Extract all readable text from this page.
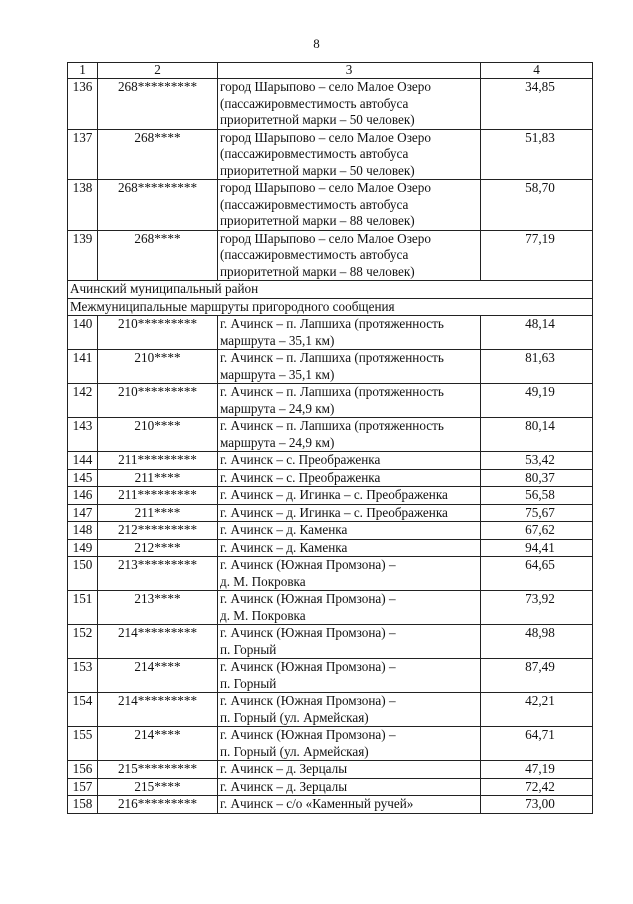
8
1	2	3	4
136	268*********	город Шарыпово – село Малое Озеро
(пассажировместимость автобуса
приоритетной марки – 50 человек)	34,85
137	268****	город Шарыпово – село Малое Озеро
(пассажировместимость автобуса
приоритетной марки – 50 человек)	51,83
138	268*********	город Шарыпово – село Малое Озеро
(пассажировместимость автобуса
приоритетной марки – 88 человек)	58,70
139	268****	город Шарыпово – село Малое Озеро
(пассажировместимость автобуса
приоритетной марки – 88 человек)	77,19
Ачинский муниципальный район			
Межмуниципальные маршруты пригородного сообщения			
140	210*********	г. Ачинск – п. Лапшиха (протяженность
маршрута – 35,1 км)	48,14
141	210****	г. Ачинск – п. Лапшиха (протяженность
маршрута – 35,1 км)	81,63
142	210*********	г. Ачинск – п. Лапшиха (протяженность
маршрута – 24,9 км)	49,19
143	210****	г. Ачинск – п. Лапшиха (протяженность
маршрута – 24,9 км)	80,14
144	211*********	г. Ачинск – с. Преображенка	53,42
145	211****	г. Ачинск – с. Преображенка	80,37
146	211*********	г. Ачинск – д. Игинка – с. Преображенка	56,58
147	211****	г. Ачинск – д. Игинка – с. Преображенка	75,67
148	212*********	г. Ачинск – д. Каменка	67,62
149	212****	г. Ачинск – д. Каменка	94,41
150	213*********	г. Ачинск (Южная Промзона) –
д. М. Покровка	64,65
151	213****	г. Ачинск (Южная Промзона) –
д. М. Покровка	73,92
152	214*********	г. Ачинск (Южная Промзона) –
п. Горный	48,98
153	214****	г. Ачинск (Южная Промзона) –
п. Горный	87,49
154	214*********	г. Ачинск (Южная Промзона) –
п. Горный (ул. Армейская)	42,21
155	214****	г. Ачинск (Южная Промзона) –
п. Горный (ул. Армейская)	64,71
156	215*********	г. Ачинск – д. Зерцалы	47,19
157	215****	г. Ачинск – д. Зерцалы	72,42
158	216*********	г. Ачинск – с/о «Каменный ручей»	73,00
